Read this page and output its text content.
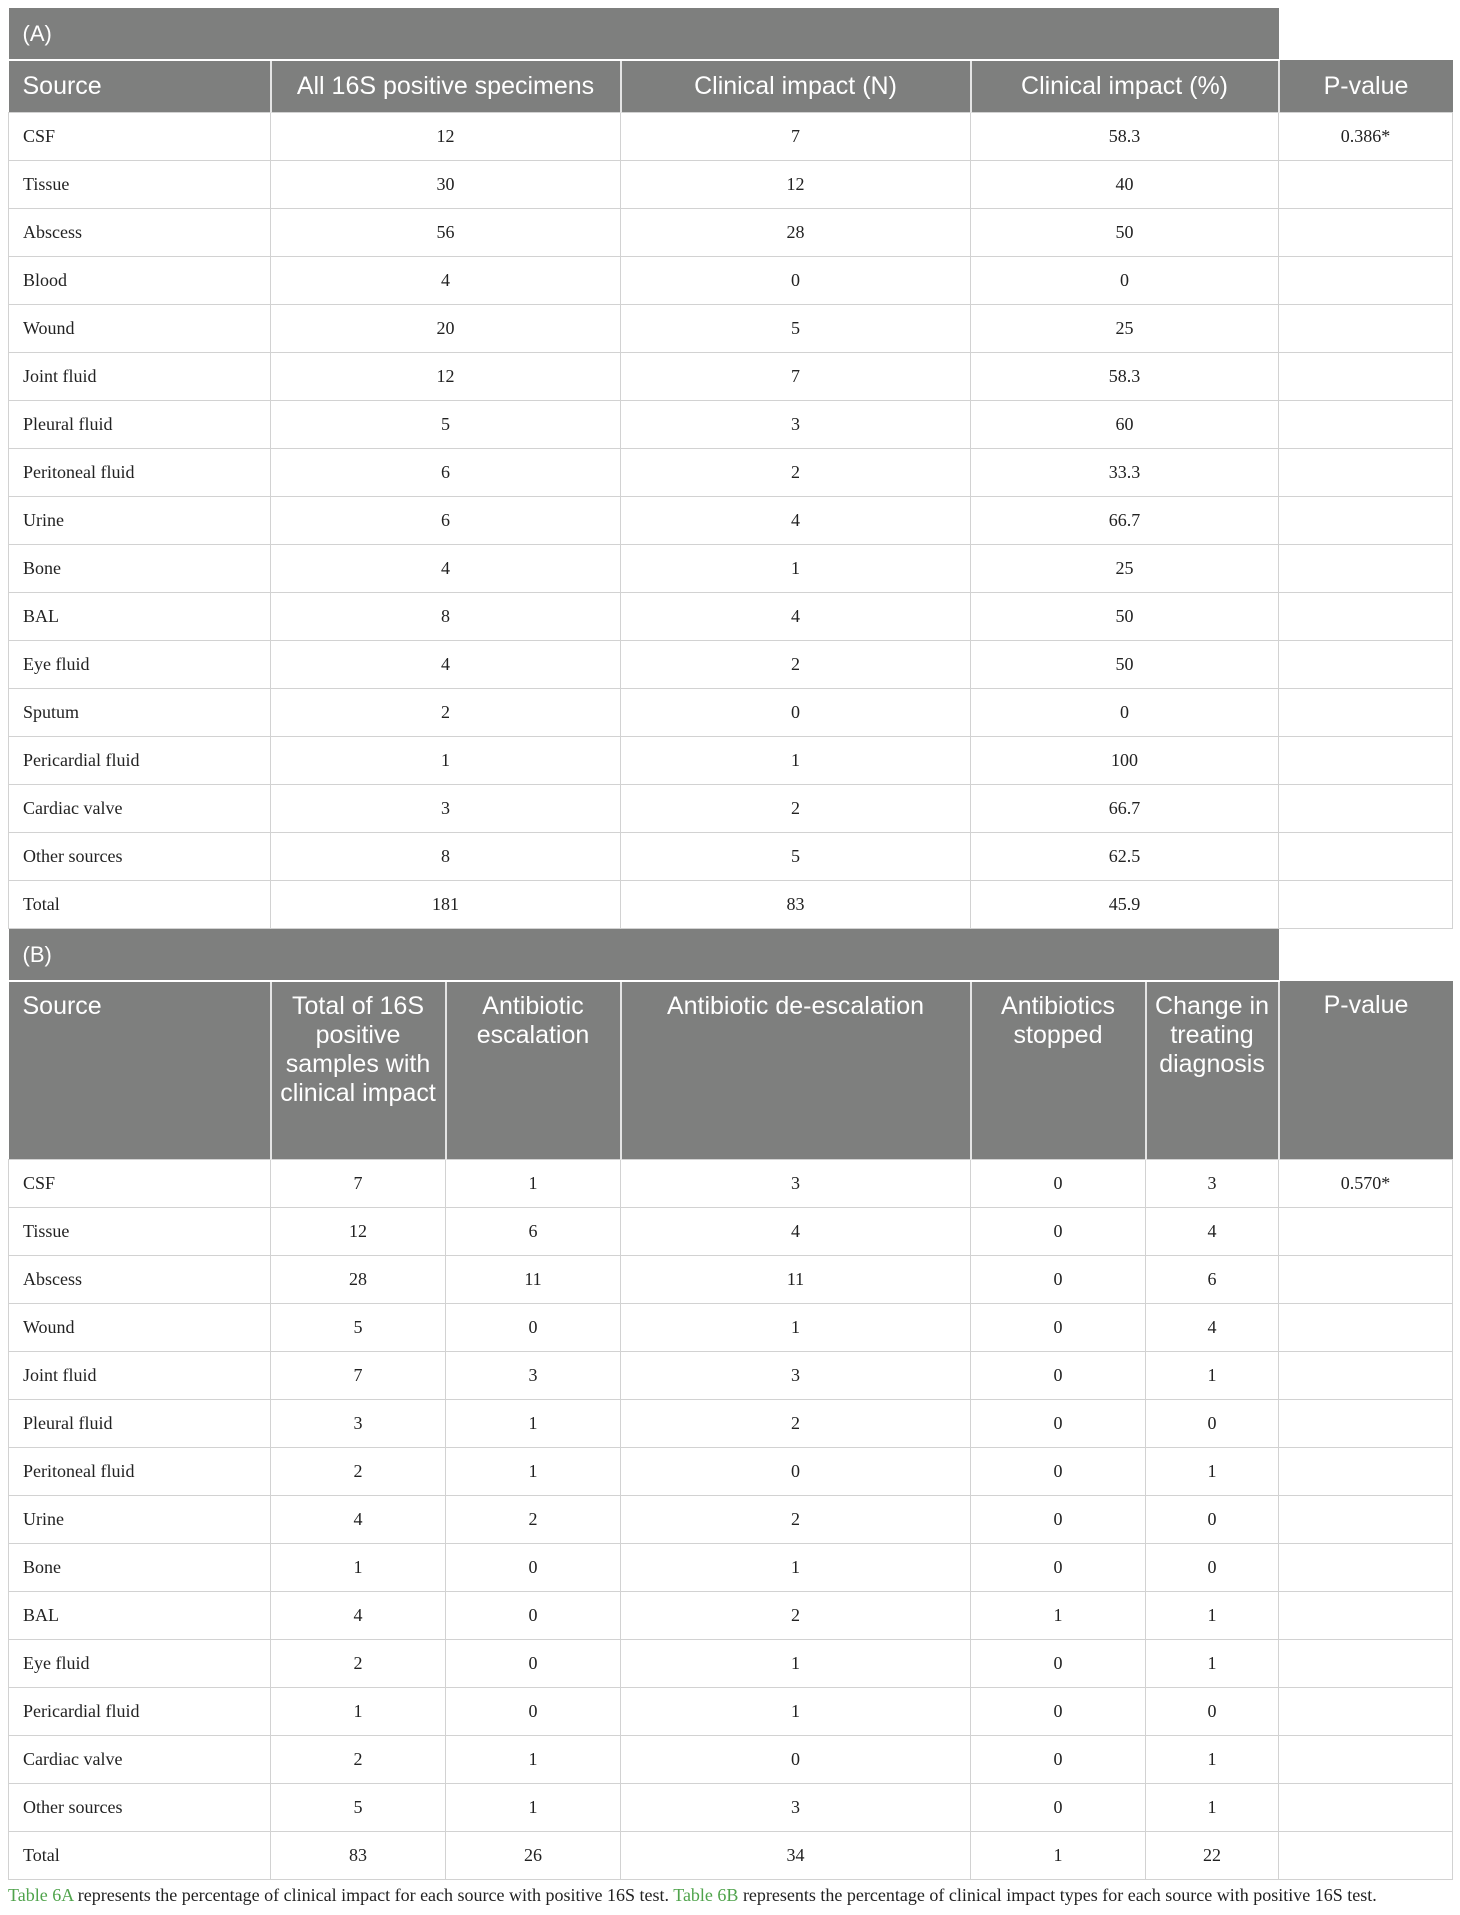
(A)						
Source	All 16S positive specimens		Clinical impact (N)	Clinical impact (%)		P-value
CSF	12		7	58.3		0.386*
Tissue	30		12	40		
Abscess	56		28	50		
Blood	4		0	0		
Wound	20		5	25		
Joint fluid	12		7	58.3		
Pleural fluid	5		3	60		
Peritoneal fluid	6		2	33.3		
Urine	6		4	66.7		
Bone	4		1	25		
BAL	8		4	50		
Eye fluid	4		2	50		
Sputum	2		0	0		
Pericardial fluid	1		1	100		
Cardiac valve	3		2	66.7		
Other sources	8		5	62.5		
Total	181		83	45.9		
(B)						
Source	Total of 16S positive samples with clinical impact	Antibiotic escalation	Antibiotic de-escalation	Antibiotics stopped	Change in treating diagnosis	P-value
CSF	7	1	3	0	3	0.570*
Tissue	12	6	4	0	4	
Abscess	28	11	11	0	6	
Wound	5	0	1	0	4	
Joint fluid	7	3	3	0	1	
Pleural fluid	3	1	2	0	0	
Peritoneal fluid	2	1	0	0	1	
Urine	4	2	2	0	0	
Bone	1	0	1	0	0	
BAL	4	0	2	1	1	
Eye fluid	2	0	1	0	1	
Pericardial fluid	1	0	1	0	0	
Cardiac valve	2	1	0	0	1	
Other sources	5	1	3	0	1	
Total	83	26	34	1	22	
Table 6A represents the percentage of clinical impact for each source with positive 16S test. Table 6B represents the percentage of clinical impact types for each source with positive 16S test.
